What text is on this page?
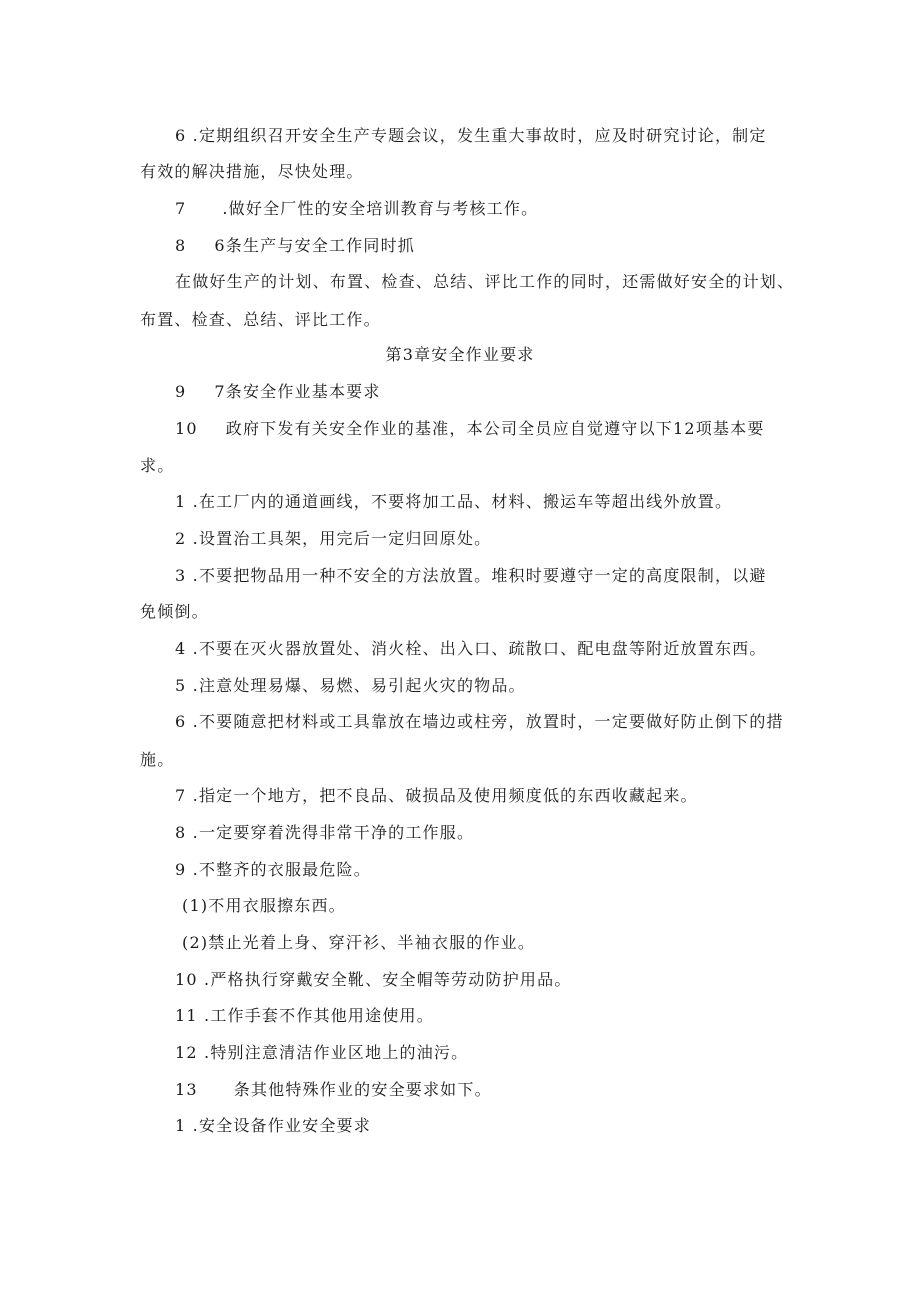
6 .定期组织召开安全生产专题会议，发生重大事故时，应及时研究讨论，制定
有效的解决措施，尽快处理。
7 .做好全厂性的安全培训教育与考核工作。
8 6条生产与安全工作同时抓
在做好生产的计划、布置、检查、总结、评比工作的同时，还需做好安全的计划、
布置、检查、总结、评比工作。
第3章安全作业要求
9 7条安全作业基本要求
10 政府下发有关安全作业的基准，本公司全员应自觉遵守以下12项基本要
求。
1 .在工厂内的通道画线，不要将加工品、材料、搬运车等超出线外放置。
2 .设置治工具架，用完后一定归回原处。
3 .不要把物品用一种不安全的方法放置。堆积时要遵守一定的高度限制，以避
免倾倒。
4 .不要在灭火器放置处、消火栓、出入口、疏散口、配电盘等附近放置东西。
5 .注意处理易爆、易燃、易引起火灾的物品。
6 .不要随意把材料或工具靠放在墙边或柱旁，放置时，一定要做好防止倒下的措
施。
7 .指定一个地方，把不良品、破损品及使用频度低的东西收藏起来。
8 .一定要穿着洗得非常干净的工作服。
9 .不整齐的衣服最危险。
(1)不用衣服擦东西。
(2)禁止光着上身、穿汗衫、半袖衣服的作业。
10 .严格执行穿戴安全靴、安全帽等劳动防护用品。
11 .工作手套不作其他用途使用。
12 .特别注意清洁作业区地上的油污。
13 条其他特殊作业的安全要求如下。
1 .安全设备作业安全要求
